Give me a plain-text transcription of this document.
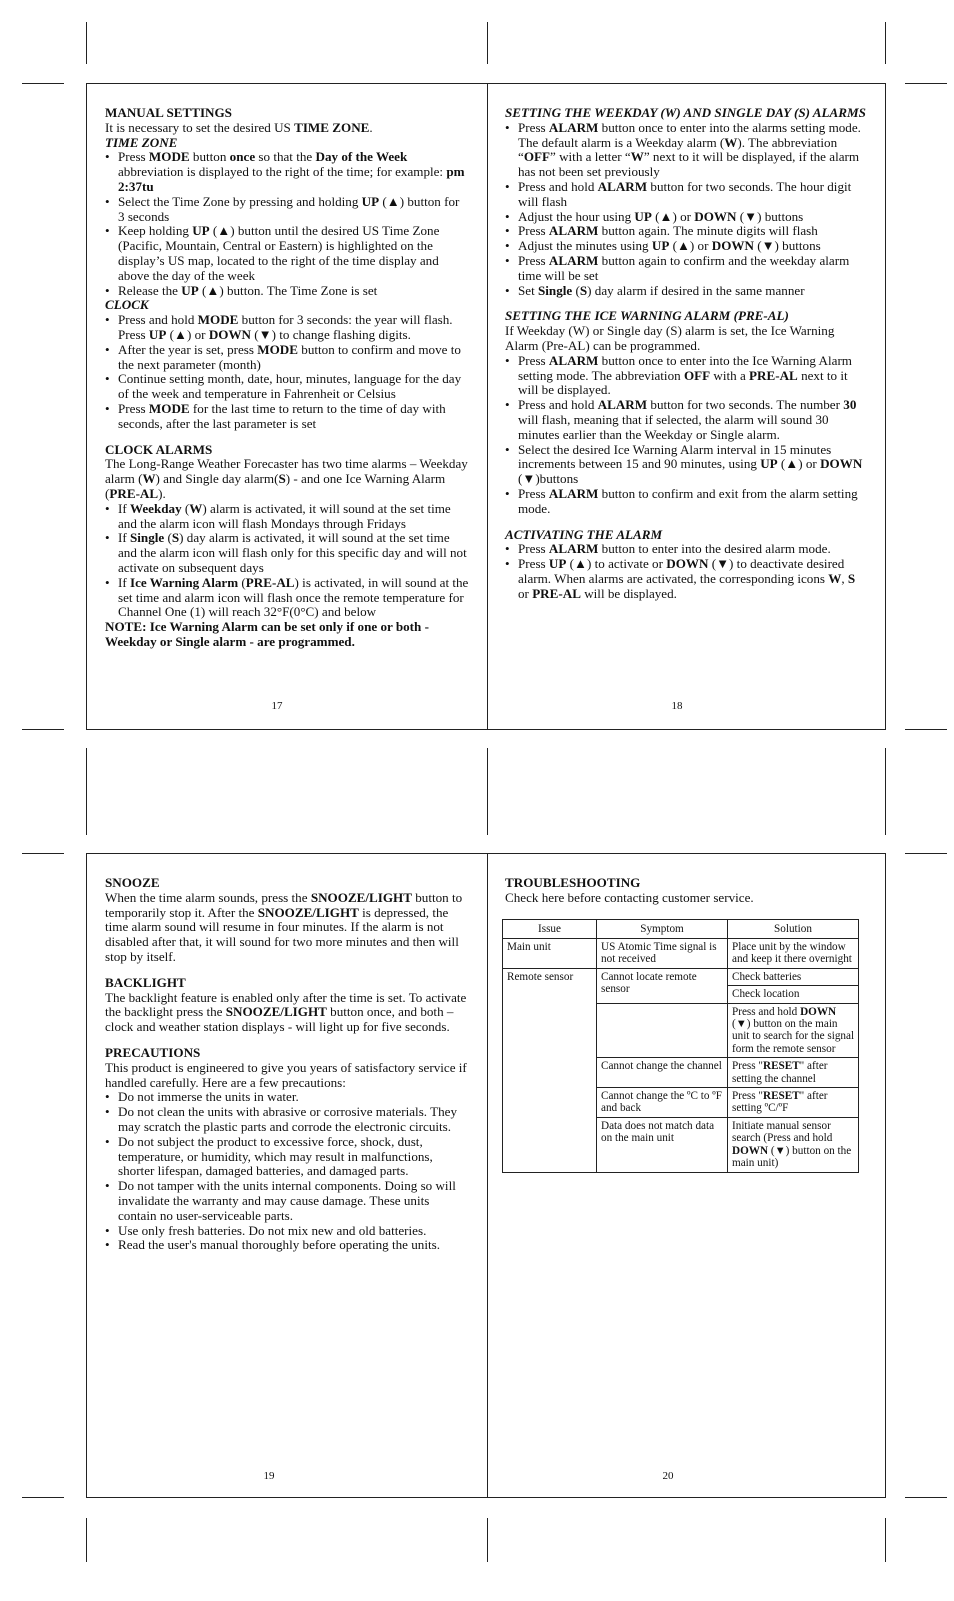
MANUAL SETTINGS

It is necessary to set the desired US TIME ZONE.

TIME ZONE

• Press MODE button once so that the Day of the Week abbreviation is displayed to the right of the time; for example: pm 2:37tu
• Select the Time Zone by pressing and holding UP (▲) button for 3 seconds
• Keep holding UP (▲) button until the desired US Time Zone (Pacific, Mountain, Central or Eastern) is highlighted on the display’s US map, located to the right of the time display and above the day of the week
• Release the UP (▲) button. The Time Zone is set

CLOCK

• Press and hold MODE button for 3 seconds: the year will flash. Press UP (▲) or DOWN (▼) to change flashing digits.
• After the year is set, press MODE button to confirm and move to the next parameter (month)
• Continue setting month, date, hour, minutes, language for the day of the week and temperature in Fahrenheit or Celsius
• Press MODE for the last time to return to the time of day with seconds, after the last parameter is set

CLOCK ALARMS

The Long-Range Weather Forecaster has two time alarms – Weekday alarm (W) and Single day alarm(S) - and one Ice Warning Alarm (PRE-AL).

• If Weekday (W) alarm is activated, it will sound at the set time and the alarm icon will flash Mondays through Fridays
• If Single (S) day alarm is activated, it will sound at the set time and the alarm icon will flash only for this specific day and will not activate on subsequent days
• If Ice Warning Alarm (PRE-AL) is activated, in will sound at the set time and alarm icon will flash once the remote temperature for Channel One (1) will reach 32°F(0°C) and below

NOTE: Ice Warning Alarm can be set only if one or both - Weekday or Single alarm - are programmed.

17

SETTING THE WEEKDAY (W) AND SINGLE DAY (S) ALARMS

• Press ALARM button once to enter into the alarms setting mode. The default alarm is a Weekday alarm (W). The abbreviation “OFF” with a letter “W” next to it will be displayed, if the alarm has not been set previously
• Press and hold ALARM button for two seconds. The hour digit will flash
• Adjust the hour using UP (▲) or DOWN (▼) buttons
• Press ALARM button again. The minute digits will flash
• Adjust the minutes using UP (▲) or DOWN (▼) buttons
• Press ALARM button again to confirm and the weekday alarm time will be set
• Set Single (S) day alarm if desired in the same manner

SETTING THE ICE WARNING ALARM (PRE-AL)

If Weekday (W) or Single day (S) alarm is set, the Ice Warning Alarm (Pre-AL) can be programmed.

• Press ALARM button once to enter into the Ice Warning Alarm setting mode. The abbreviation OFF with a PRE-AL next to it will be displayed.
• Press and hold ALARM button for two seconds. The number 30 will flash, meaning that if selected, the alarm will sound 30 minutes earlier than the Weekday or Single alarm.
• Select the desired Ice Warning Alarm interval in 15 minutes increments between 15 and 90 minutes, using UP (▲) or DOWN (▼)buttons
• Press ALARM button to confirm and exit from the alarm setting mode.

ACTIVATING THE ALARM

• Press ALARM button to enter into the desired alarm mode.
• Press UP (▲) to activate or DOWN (▼) to deactivate desired alarm. When alarms are activated, the corresponding icons W, S or PRE-AL will be displayed.
18

SNOOZE

When the time alarm sounds, press the SNOOZE/LIGHT button to temporarily stop it. After the SNOOZE/LIGHT is depressed, the time alarm sound will resume in four minutes. If the alarm is not disabled after that, it will sound for two more minutes and then will stop by itself.

BACKLIGHT

The backlight feature is enabled only after the time is set. To activate the backlight press the SNOOZE/LIGHT button once, and both – clock and weather station displays - will light up for five seconds.

PRECAUTIONS

This product is engineered to give you years of satisfactory service if handled carefully. Here are a few precautions:

• Do not immerse the units in water.
• Do not clean the units with abrasive or corrosive materials. They may scratch the plastic parts and corrode the electronic circuits.
• Do not subject the product to excessive force, shock, dust, temperature, or humidity, which may result in malfunctions, shorter lifespan, damaged batteries, and damaged parts.
• Do not tamper with the units internal components. Doing so will invalidate the warranty and may cause damage. These units contain no user-serviceable parts.
• Use only fresh batteries. Do not mix new and old batteries.
• Read the user's manual thoroughly before operating the units.
19

TROUBLESHOOTING

Check here before contacting customer service.

Issue	Symptom	Solution
Main unit	US Atomic Time signal is not received	Place unit by the window and keep it there overnight
Remote sensor	Cannot locate remote sensor	Check batteries
		Check location
		Press and hold DOWN (▼) button on the main unit to search for the signal form the remote sensor
	Cannot change the channel	Press "RESET" after setting the channel
	Cannot change the ºC to ºF and back	Press "RESET" after setting ºC/ºF
	Data does not match data on the main unit	Initiate manual sensor search (Press and hold DOWN (▼) button on the main unit)
20
